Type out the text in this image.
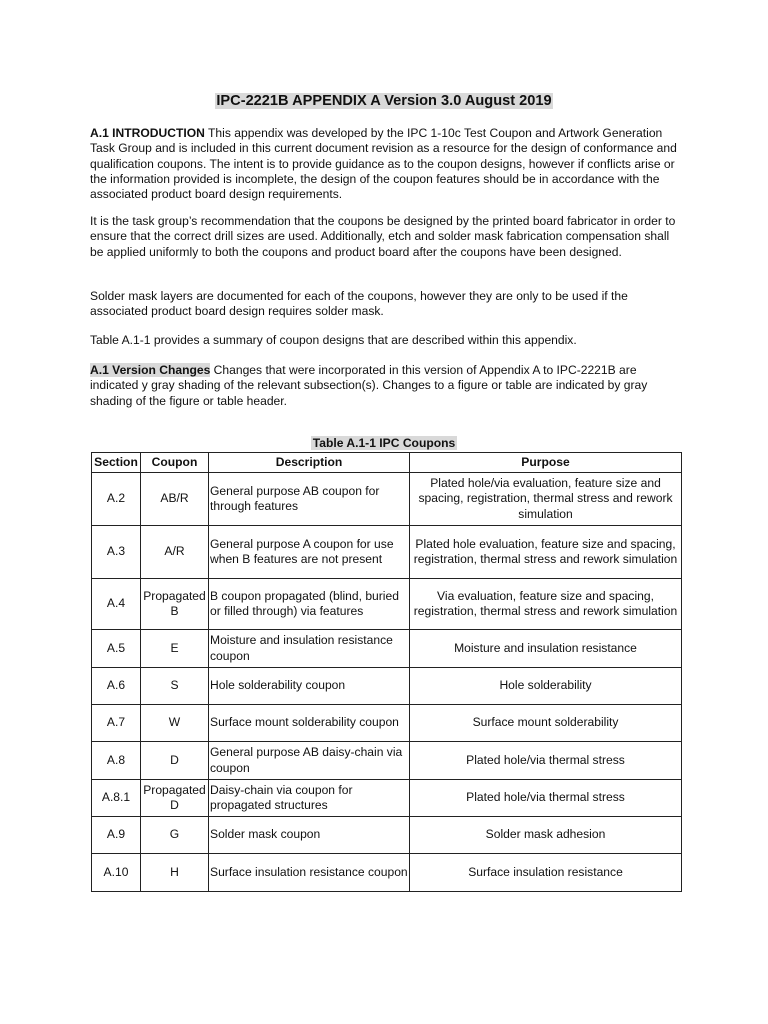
IPC-2221B APPENDIX A Version 3.0 August 2019

A.1 INTRODUCTION This appendix was developed by the IPC 1-10c Test Coupon and Artwork Generation Task Group and is included in this current document revision as a resource for the design of conformance and qualification coupons. The intent is to provide guidance as to the coupon designs, however if conflicts arise or the information provided is incomplete, the design of the coupon features should be in accordance with the associated product board design requirements.

It is the task group’s recommendation that the coupons be designed by the printed board fabricator in order to ensure that the correct drill sizes are used. Additionally, etch and solder mask fabrication compensation shall be applied uniformly to both the coupons and product board after the coupons have been designed.

Solder mask layers are documented for each of the coupons, however they are only to be used if the associated product board design requires solder mask.

Table A.1-1 provides a summary of coupon designs that are described within this appendix.

A.1 Version Changes Changes that were incorporated in this version of Appendix A to IPC-2221B are indicated y gray shading of the relevant subsection(s). Changes to a figure or table are indicated by gray shading of the figure or table header.

Table A.1-1 IPC Coupons
Section	Coupon	Description	Purpose
A.2	AB/R	General purpose AB coupon for through features	Plated hole/via evaluation, feature size and spacing, registration, thermal stress and rework simulation
A.3	A/R	General purpose A coupon for use when B features are not present	Plated hole evaluation, feature size and spacing, registration, thermal stress and rework simulation
A.4	Propagated B	B coupon propagated (blind, buried or filled through) via features	Via evaluation, feature size and spacing, registration, thermal stress and rework simulation
A.5	E	Moisture and insulation resistance coupon	Moisture and insulation resistance
A.6	S	Hole solderability coupon	Hole solderability
A.7	W	Surface mount solderability coupon	Surface mount solderability
A.8	D	General purpose AB daisy-chain via coupon	Plated hole/via thermal stress
A.8.1	Propagated D	Daisy-chain via coupon for propagated structures	Plated hole/via thermal stress
A.9	G	Solder mask coupon	Solder mask adhesion
A.10	H	Surface insulation resistance coupon	Surface insulation resistance
